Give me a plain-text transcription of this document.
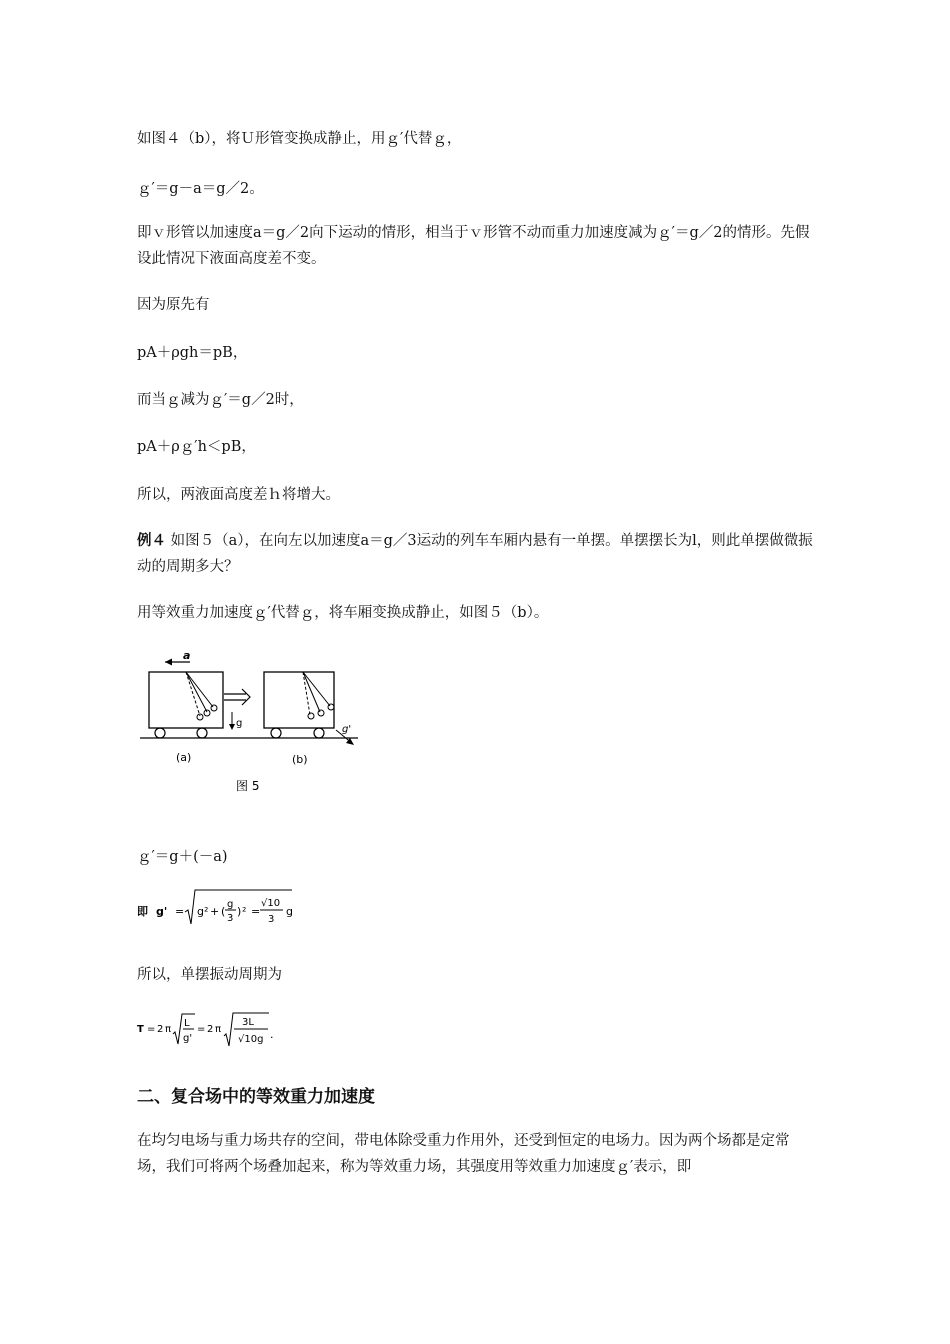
如图４（b），将Ｕ形管变换成静止，用ｇ′代替ｇ，

ｇ′＝g－a＝g／2。

即ｖ形管以加速度a＝g／2向下运动的情形，相当于ｖ形管不动而重力加速度减为ｇ′＝g／2的情形。先假设此情况下液面高度差不变。

因为原先有

pA＋ρgh＝pB，

而当ｇ减为ｇ′＝g／2时，

pA＋ρｇ′h＜pB，

所以，两液面高度差ｈ将增大。

例４ 如图５（a），在向左以加速度a＝g／3运动的列车车厢内悬有一单摆。单摆摆长为l，则此单摆做微振动的周期多大？

用等效重力加速度ｇ′代替ｇ，将车厢变换成静止，如图５（b）。

a
g
g'
(a)	(b)
图 5

ｇ′＝g＋(－a)

即 g' = g² + (
g
3
) ² =
√10
3
g

所以，单摆振动周期为

T = 2 π
L
g'
= 2 π
3L
√10g .
二、复合场中的等效重力加速度

在均匀电场与重力场共存的空间，带电体除受重力作用外，还受到恒定的电场力。因为两个场都是定常场，我们可将两个场叠加起来，称为等效重力场，其强度用等效重力加速度ｇ′表示，即
